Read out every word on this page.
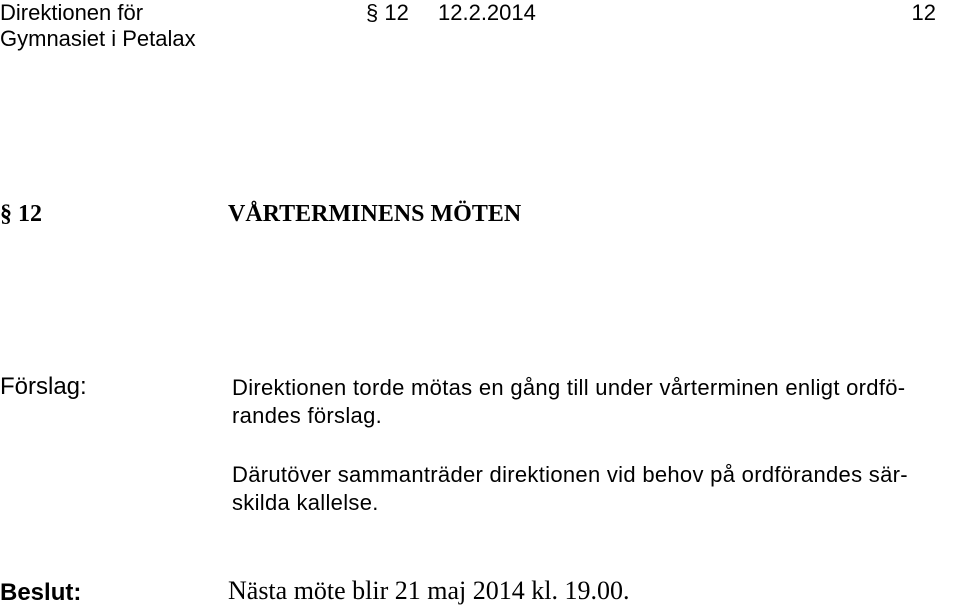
Direktionen för
Gymnasiet i Petalax
§ 12 12.2.2014	12
§ 12	VÅRTERMINENS MÖTEN
Förslag:	Direktionen torde mötas en gång till under vårterminen enligt ordfö-
randes förslag.
Därutöver sammanträder direktionen vid behov på ordförandes sär-
skilda kallelse.
Beslut:	Nästa möte blir 21 maj 2014 kl. 19.00.
